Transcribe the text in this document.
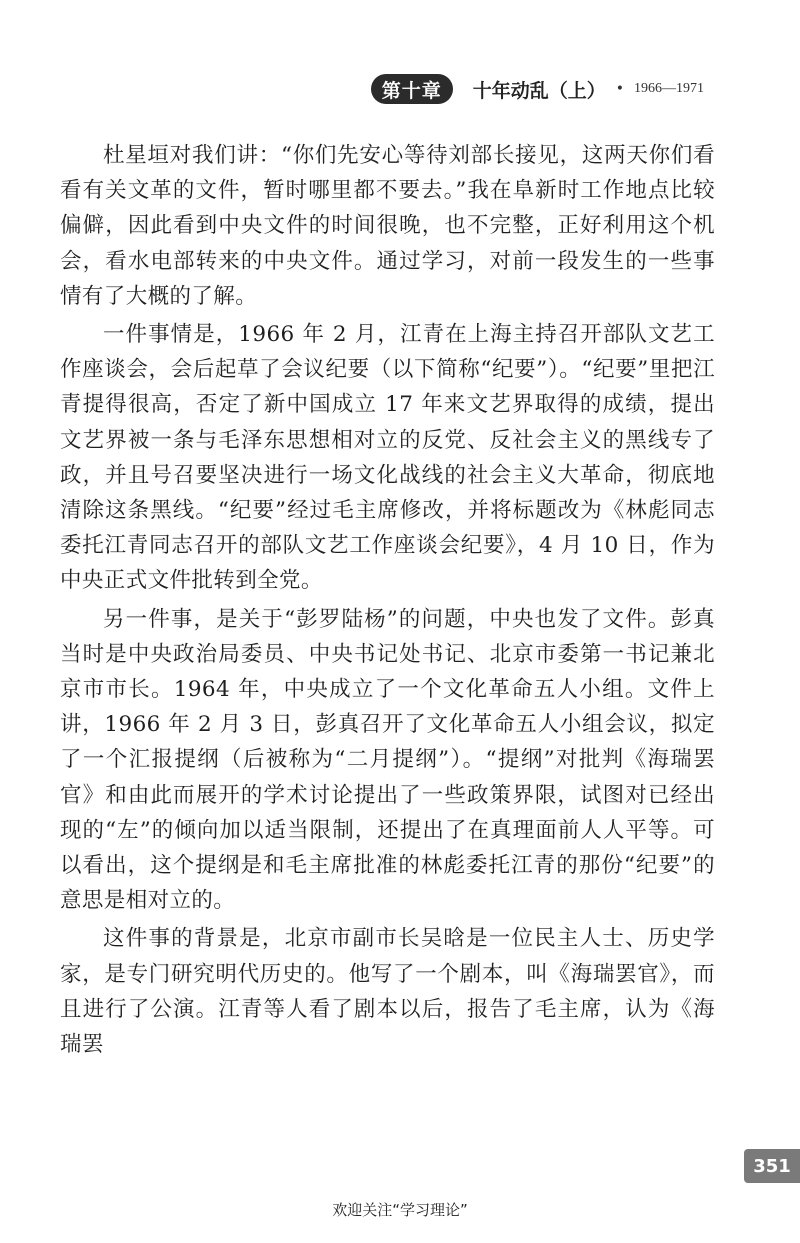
第十章	十年动乱（上） • 1966—1971

杜星垣对我们讲：“你们先安心等待刘部长接见，这两天你们看看有关文革的文件，暂时哪里都不要去。”我在阜新时工作地点比较偏僻，因此看到中央文件的时间很晚，也不完整，正好利用这个机会，看水电部转来的中央文件。通过学习，对前一段发生的一些事情有了大概的了解。

一件事情是，1966 年 2 月，江青在上海主持召开部队文艺工作座谈会，会后起草了会议纪要（以下简称“纪要”）。“纪要”里把江青提得很高，否定了新中国成立 17 年来文艺界取得的成绩，提出文艺界被一条与毛泽东思想相对立的反党、反社会主义的黑线专了政，并且号召要坚决进行一场文化战线的社会主义大革命，彻底地清除这条黑线。“纪要”经过毛主席修改，并将标题改为《林彪同志委托江青同志召开的部队文艺工作座谈会纪要》，4 月 10 日，作为中央正式文件批转到全党。

另一件事，是关于“彭罗陆杨”的问题，中央也发了文件。彭真当时是中央政治局委员、中央书记处书记、北京市委第一书记兼北京市市长。1964 年，中央成立了一个文化革命五人小组。文件上讲，1966 年 2 月 3 日，彭真召开了文化革命五人小组会议，拟定了一个汇报提纲（后被称为“二月提纲”）。“提纲”对批判《海瑞罢官》和由此而展开的学术讨论提出了一些政策界限，试图对已经出现的“左”的倾向加以适当限制，还提出了在真理面前人人平等。可以看出，这个提纲是和毛主席批准的林彪委托江青的那份“纪要”的意思是相对立的。

这件事的背景是，北京市副市长吴晗是一位民主人士、历史学家，是专门研究明代历史的。他写了一个剧本，叫《海瑞罢官》，而且进行了公演。江青等人看了剧本以后，报告了毛主席，认为《海瑞罢

351
欢迎关注“学习理论”
